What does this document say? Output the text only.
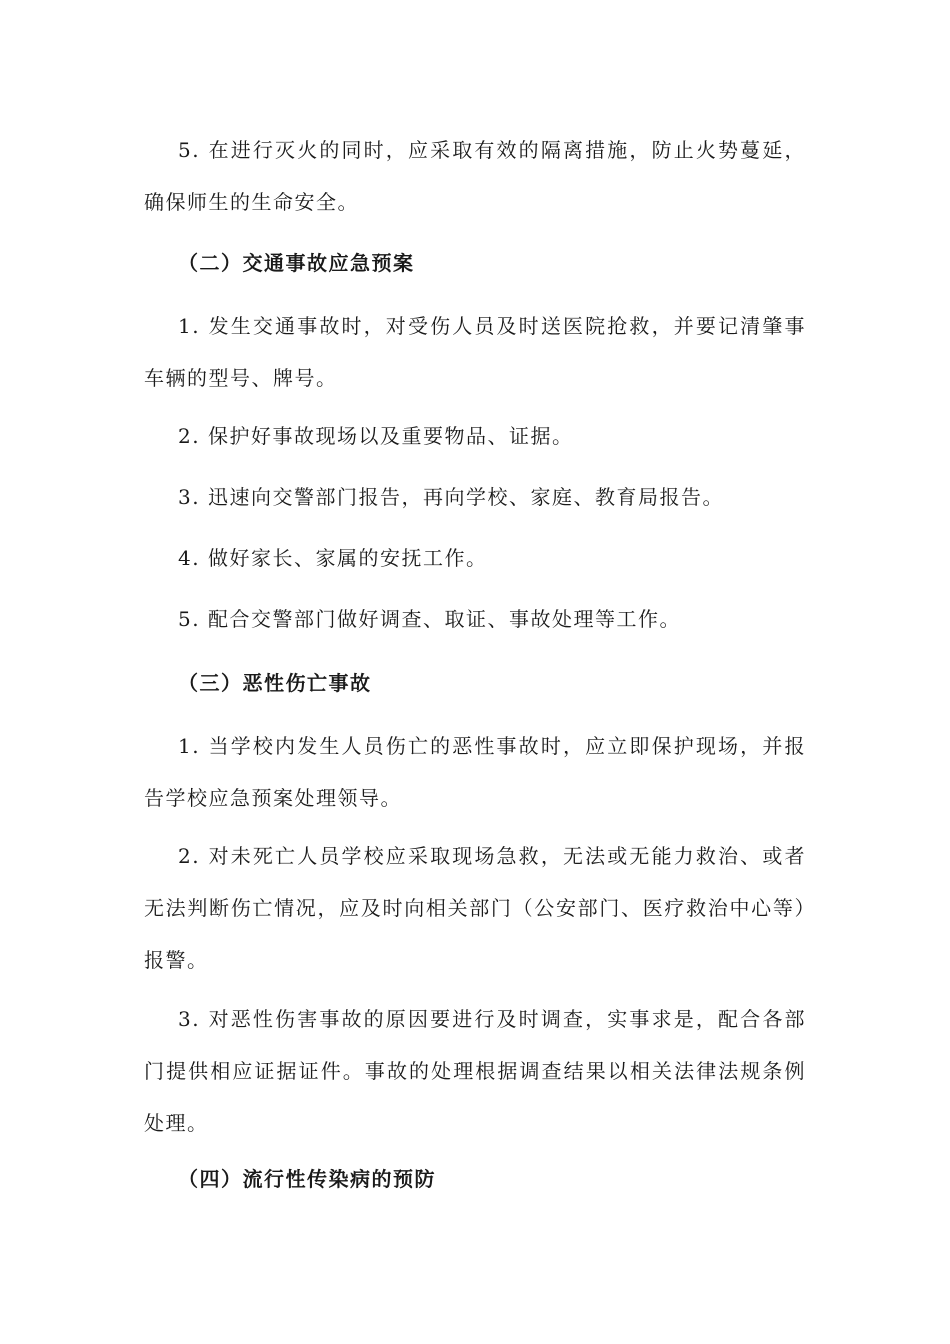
5. 在进行灭火的同时，应采取有效的隔离措施，防止火势蔓延，确保师生的生命安全。

（二）交通事故应急预案

1. 发生交通事故时，对受伤人员及时送医院抢救，并要记清肇事车辆的型号、牌号。

2. 保护好事故现场以及重要物品、证据。

3. 迅速向交警部门报告，再向学校、家庭、教育局报告。

4. 做好家长、家属的安抚工作。

5. 配合交警部门做好调查、取证、事故处理等工作。

（三）恶性伤亡事故

1. 当学校内发生人员伤亡的恶性事故时，应立即保护现场，并报告学校应急预案处理领导。

2. 对未死亡人员学校应采取现场急救，无法或无能力救治、或者无法判断伤亡情况，应及时向相关部门（公安部门、医疗救治中心等）报警。

3. 对恶性伤害事故的原因要进行及时调查，实事求是，配合各部门提供相应证据证件。事故的处理根据调查结果以相关法律法规条例处理。

（四）流行性传染病的预防
